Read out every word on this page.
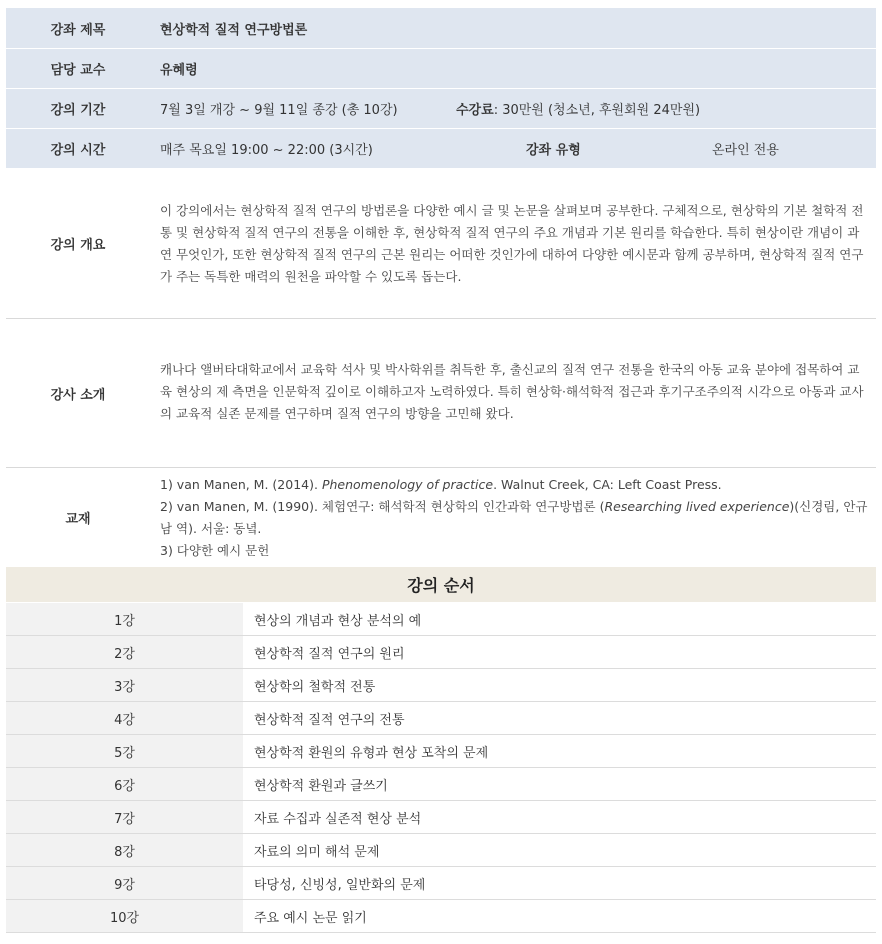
강좌 제목	현상학적 질적 연구방법론
담당 교수	유혜령
강의 기간	7월 3일 개강 ~ 9월 11일 종강 (총 10강)	수강료 : 30만원 (청소년, 후원회원 24만원)
강의 시간	매주 목요일 19:00 ~ 22:00 (3시간)	강좌 유형	온라인 전용
강의 개요
이 강의에서는 현상학적 질적 연구의 방법론을 다양한 예시 글 및 논문을 살펴보며 공부한다. 구체적으로, 현상학의 기본 철학적 전통 및 현상학적 질적 연구의 전통을 이해한 후, 현상학적 질적 연구의 주요 개념과 기본 원리를 학습한다. 특히 현상이란 개념이 과연 무엇인가, 또한 현상학적 질적 연구의 근본 원리는 어떠한 것인가에 대하여 다양한 예시문과 함께 공부하며, 현상학적 질적 연구가 주는 독특한 매력의 원천을 파악할 수 있도록 돕는다.
강사 소개
캐나다 앨버타대학교에서 교육학 석사 및 박사학위를 취득한 후, 출신교의 질적 연구 전통을 한국의 아동 교육 분야에 접목하여 교육 현상의 제 측면을 인문학적 깊이로 이해하고자 노력하였다. 특히 현상학·해석학적 접근과 후기구조주의적 시각으로 아동과 교사의 교육적 실존 문제를 연구하며 질적 연구의 방향을 고민해 왔다.
교재
1) van Manen, M. (2014). Phenomenology of practice. Walnut Creek, CA: Left Coast Press.
2) van Manen, M. (1990). 체험연구: 해석학적 현상학의 인간과학 연구방법론 (Researching lived experience)(신경림, 안규남 역). 서울: 동녘.
3) 다양한 예시 문헌
강의 순서
1강	현상의 개념과 현상 분석의 예
2강	현상학적 질적 연구의 원리
3강	현상학의 철학적 전통
4강	현상학적 질적 연구의 전통
5강	현상학적 환원의 유형과 현상 포착의 문제
6강	현상학적 환원과 글쓰기
7강	자료 수집과 실존적 현상 분석
8강	자료의 의미 해석 문제
9강	타당성, 신빙성, 일반화의 문제
10강	주요 예시 논문 읽기
